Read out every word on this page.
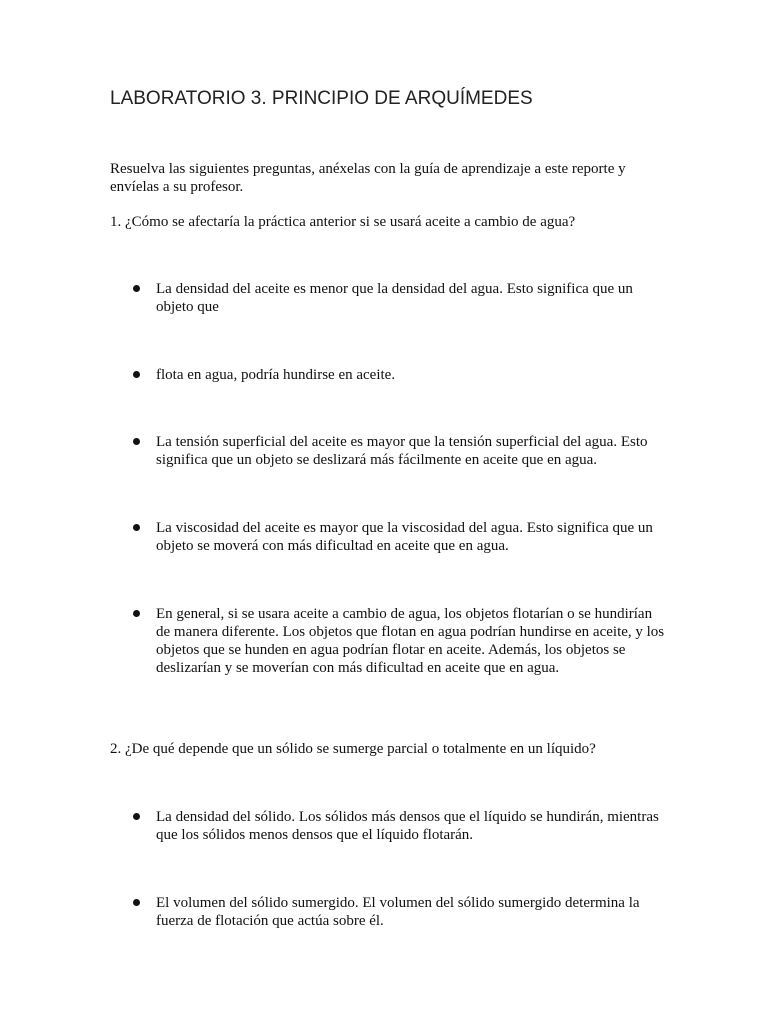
LABORATORIO 3. PRINCIPIO DE ARQUÍMEDES

Resuelva las siguientes preguntas, anéxelas con la guía de aprendizaje a este reporte y envíelas a su profesor.

1. ¿Cómo se afectaría la práctica anterior si se usará aceite a cambio de agua?

La densidad del aceite es menor que la densidad del agua. Esto significa que un objeto que

flota en agua, podría hundirse en aceite.

La tensión superficial del aceite es mayor que la tensión superficial del agua. Esto significa que un objeto se deslizará más fácilmente en aceite que en agua.

La viscosidad del aceite es mayor que la viscosidad del agua. Esto significa que un objeto se moverá con más dificultad en aceite que en agua.

En general, si se usara aceite a cambio de agua, los objetos flotarían o se hundirían de manera diferente. Los objetos que flotan en agua podrían hundirse en aceite, y los objetos que se hunden en agua podrían flotar en aceite. Además, los objetos se deslizarían y se moverían con más dificultad en aceite que en agua.

2. ¿De qué depende que un sólido se sumerge parcial o totalmente en un líquido?

La densidad del sólido. Los sólidos más densos que el líquido se hundirán, mientras que los sólidos menos densos que el líquido flotarán.

El volumen del sólido sumergido. El volumen del sólido sumergido determina la fuerza de flotación que actúa sobre él.
